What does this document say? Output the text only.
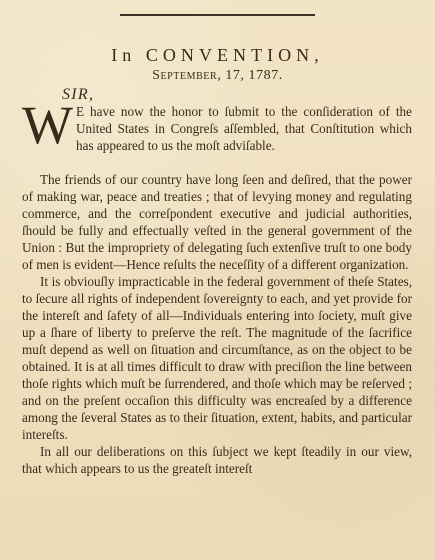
In CONVENTION,
September, 17, 1787.
SIR,
W E have now the honor to ſubmit to the conſideration of the United States in Congreſs aſſembled, that Conſtitution which has appeared to us the moſt adviſable.

The friends of our country have long ſeen and deſired, that the power of making war, peace and treaties ; that of levying money and regulating commerce, and the correſpondent executive and judicial authorities, ſhould be fully and effectually veſted in the general government of the Union : But the impropriety of delegating ſuch extenſive truſt to one body of men is evident—Hence reſults the neceſſity of a different organization.

It is obviouſly impracticable in the federal government of theſe States, to ſecure all rights of independent ſovereignty to each, and yet provide for the intereſt and ſafety of all—Individuals entering into ſociety, muſt give up a ſhare of liberty to preſerve the reſt. The magnitude of the ſacrifice muſt depend as well on ſituation and circumſtance, as on the object to be obtained. It is at all times difficult to draw with preciſion the line between thoſe rights which muſt be ſurrendered, and thoſe which may be reſerved ; and on the preſent occaſion this difficulty was encreaſed by a difference among the ſeveral States as to their ſituation, extent, habits, and particular intereſts.

In all our deliberations on this ſubject we kept ſteadily in our view, that which appears to us the greateſt intereſt
